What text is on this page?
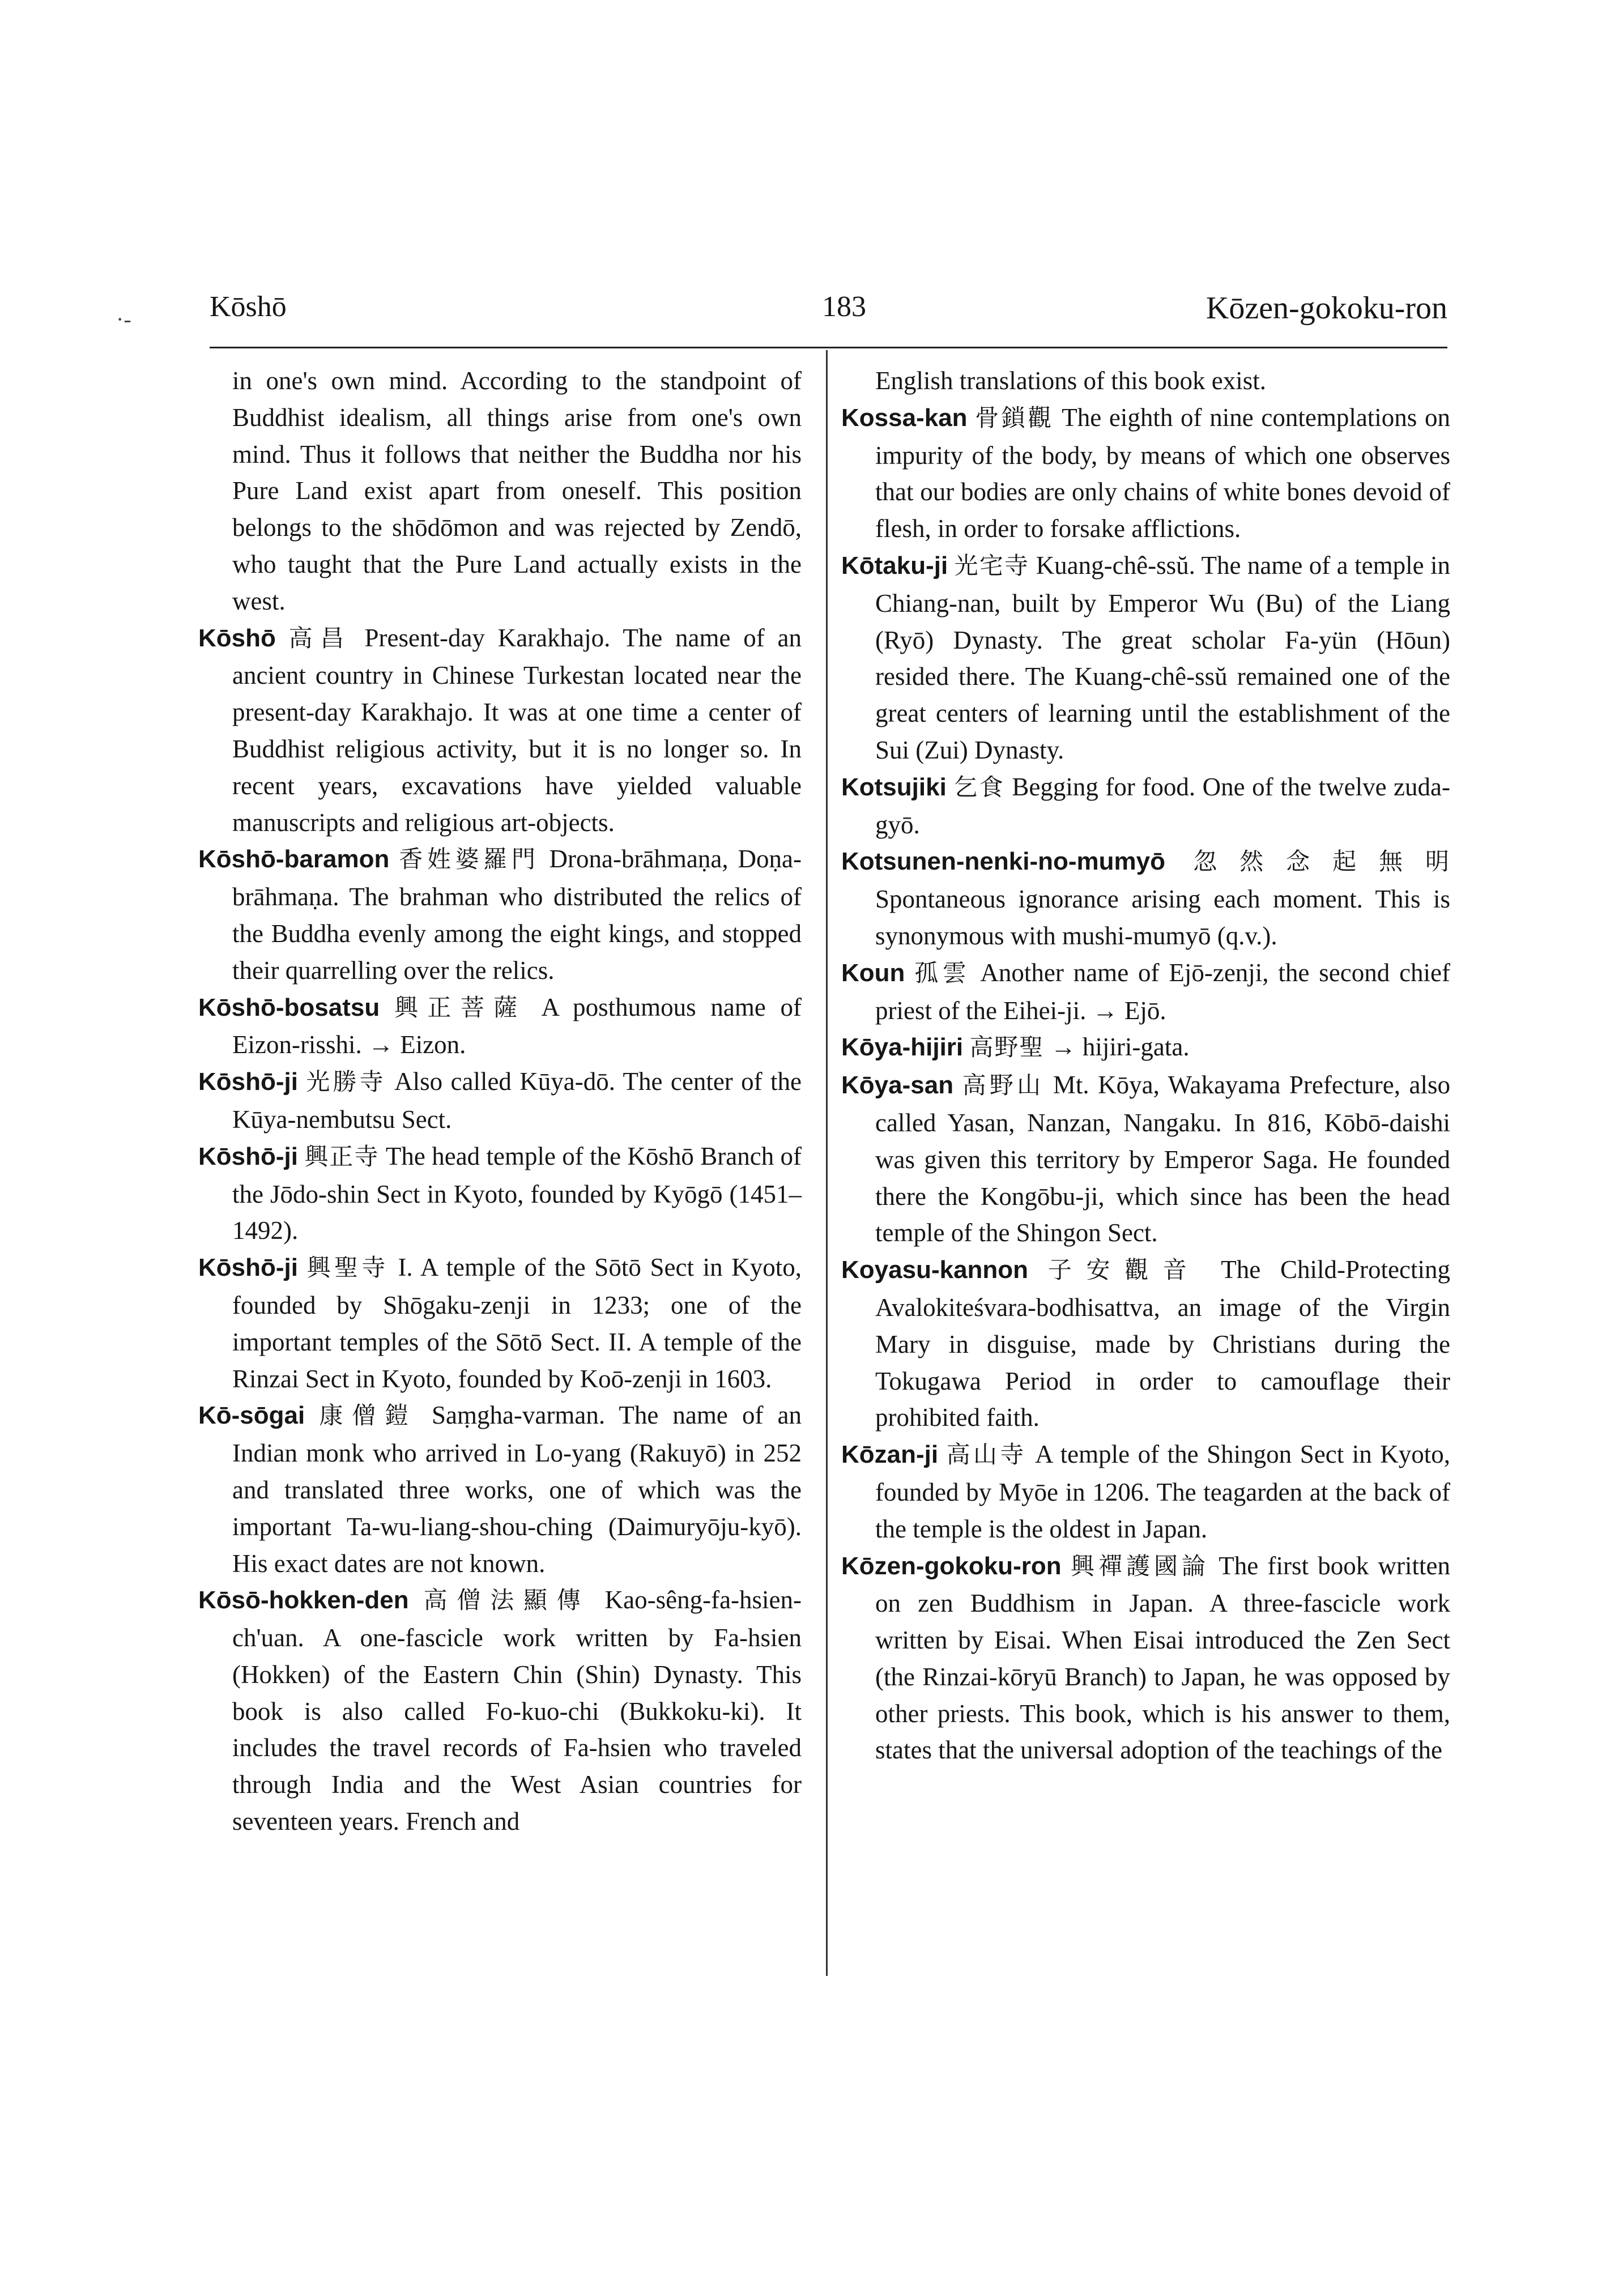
·-	Kōshō	183	Kōzen-gokoku-ron

in one's own mind. According to the standpoint of Buddhist idealism, all things arise from one's own mind. Thus it follows that neither the Buddha nor his Pure Land exist apart from oneself. This position belongs to the shōdōmon and was rejected by Zendō, who taught that the Pure Land actually exists in the west.

Kōshō 高昌 Present-day Karakhajo. The name of an ancient country in Chinese Turkestan located near the present-day Karakhajo. It was at one time a center of Buddhist religious activity, but it is no longer so. In recent years, excavations have yielded valuable manuscripts and religious art-objects.

Kōshō-baramon 香姓婆羅門 Drona-brāhmaṇa, Doṇa-brāhmaṇa. The brahman who distributed the relics of the Buddha evenly among the eight kings, and stopped their quarrelling over the relics.

Kōshō-bosatsu 興正菩薩 A posthumous name of Eizon-risshi. → Eizon.

Kōshō-ji 光勝寺 Also called Kūya-dō. The center of the Kūya-nembutsu Sect.

Kōshō-ji 興正寺 The head temple of the Kōshō Branch of the Jōdo-shin Sect in Kyoto, founded by Kyōgō (1451–1492).

Kōshō-ji 興聖寺 I. A temple of the Sōtō Sect in Kyoto, founded by Shōgaku-zenji in 1233; one of the important temples of the Sōtō Sect. II. A temple of the Rinzai Sect in Kyoto, founded by Koō-zenji in 1603.

Kō-sōgai 康僧鎧 Saṃgha-varman. The name of an Indian monk who arrived in Lo-yang (Rakuyō) in 252 and translated three works, one of which was the important Ta-wu-liang-shou-ching (Daimuryōju-kyō). His exact dates are not known.

Kōsō-hokken-den 高僧法顯傳 Kao-sêng-fa-hsien-ch'uan. A one-fascicle work written by Fa-hsien (Hokken) of the Eastern Chin (Shin) Dynasty. This book is also called Fo-kuo-chi (Bukkoku-ki). It includes the travel records of Fa-hsien who traveled through India and the West Asian countries for seventeen years. French and

English translations of this book exist.

Kossa-kan 骨鎖觀 The eighth of nine contemplations on impurity of the body, by means of which one observes that our bodies are only chains of white bones devoid of flesh, in order to forsake afflictions.

Kōtaku-ji 光宅寺 Kuang-chê-ssŭ. The name of a temple in Chiang-nan, built by Emperor Wu (Bu) of the Liang (Ryō) Dynasty. The great scholar Fa-yün (Hōun) resided there. The Kuang-chê-ssŭ remained one of the great centers of learning until the establishment of the Sui (Zui) Dynasty.

Kotsujiki 乞食 Begging for food. One of the twelve zuda-gyō.

Kotsunen-nenki-no-mumyō 忽然念起無明 Spontaneous ignorance arising each moment. This is synonymous with mushi-mumyō (q.v.).

Koun 孤雲 Another name of Ejō-zenji, the second chief priest of the Eihei-ji. → Ejō.

Kōya-hijiri 高野聖 → hijiri-gata.

Kōya-san 高野山 Mt. Kōya, Wakayama Prefecture, also called Yasan, Nanzan, Nangaku. In 816, Kōbō-daishi was given this territory by Emperor Saga. He founded there the Kongōbu-ji, which since has been the head temple of the Shingon Sect.

Koyasu-kannon 子安觀音 The Child-Protecting Avalokiteśvara-bodhisattva, an image of the Virgin Mary in disguise, made by Christians during the Tokugawa Period in order to camouflage their prohibited faith.

Kōzan-ji 高山寺 A temple of the Shingon Sect in Kyoto, founded by Myōe in 1206. The teagarden at the back of the temple is the oldest in Japan.

Kōzen-gokoku-ron 興禪護國論 The first book written on zen Buddhism in Japan. A three-fascicle work written by Eisai. When Eisai introduced the Zen Sect (the Rinzai-kōryū Branch) to Japan, he was opposed by other priests. This book, which is his answer to them, states that the universal adoption of the teachings of the
